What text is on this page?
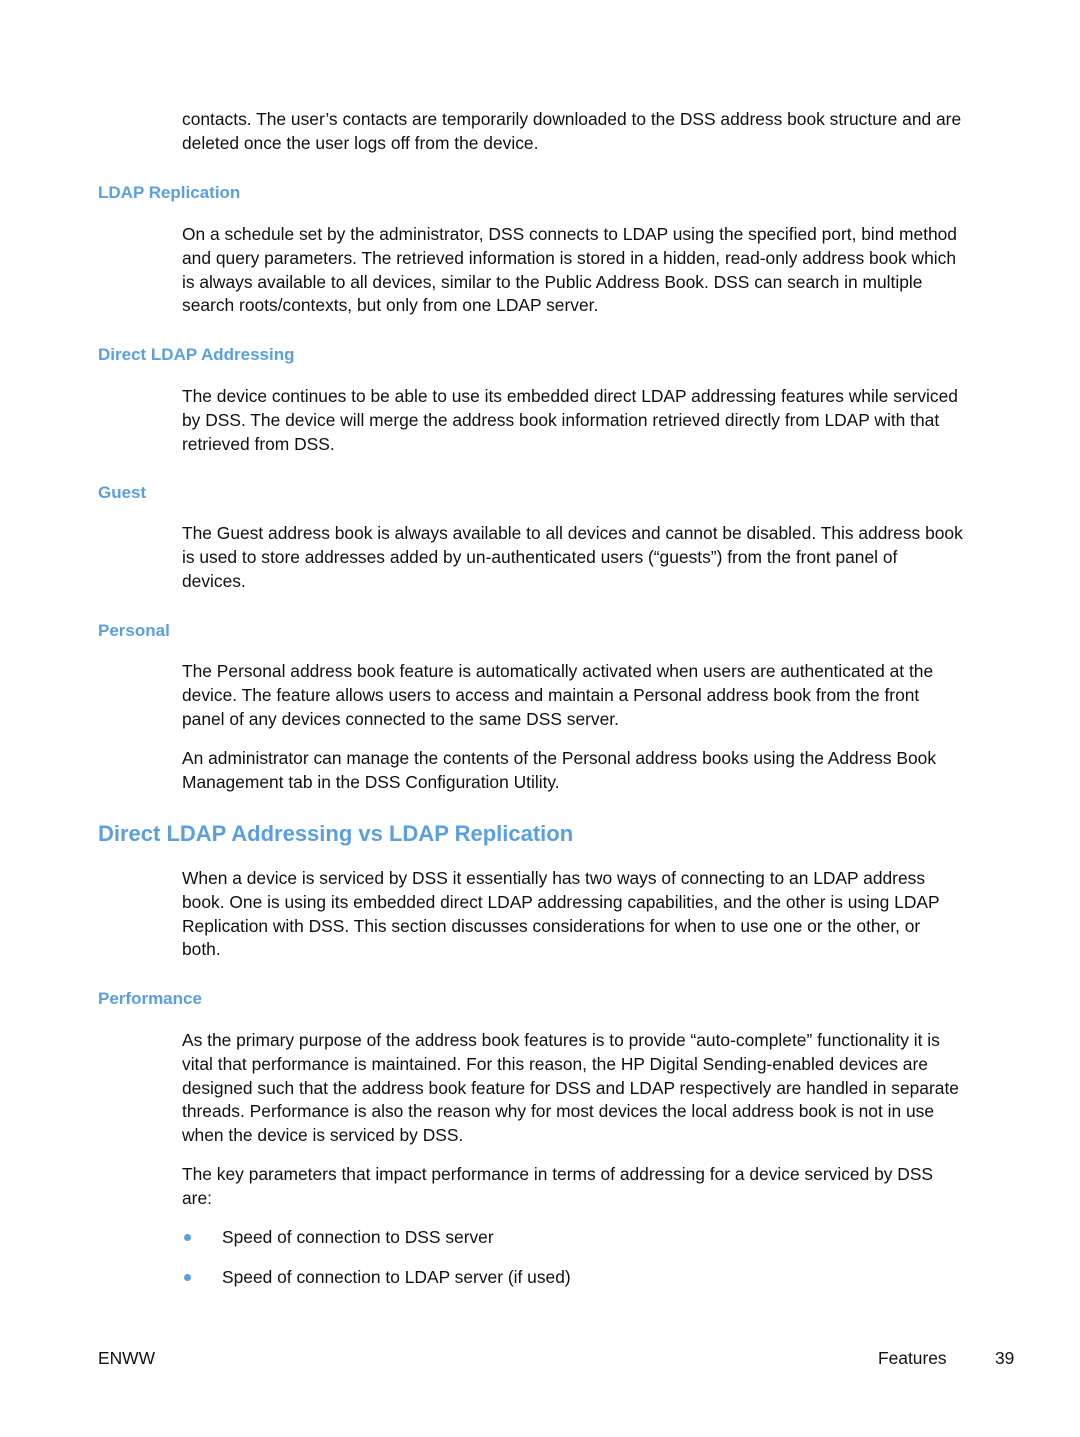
contacts. The user’s contacts are temporarily downloaded to the DSS address book structure and are
deleted once the user logs off from the device.
LDAP Replication
On a schedule set by the administrator, DSS connects to LDAP using the specified port, bind method
and query parameters. The retrieved information is stored in a hidden, read-only address book which
is always available to all devices, similar to the Public Address Book. DSS can search in multiple
search roots/contexts, but only from one LDAP server.
Direct LDAP Addressing
The device continues to be able to use its embedded direct LDAP addressing features while serviced
by DSS. The device will merge the address book information retrieved directly from LDAP with that
retrieved from DSS.
Guest
The Guest address book is always available to all devices and cannot be disabled. This address book
is used to store addresses added by un-authenticated users (“guests”) from the front panel of
devices.
Personal
The Personal address book feature is automatically activated when users are authenticated at the
device. The feature allows users to access and maintain a Personal address book from the front
panel of any devices connected to the same DSS server.
An administrator can manage the contents of the Personal address books using the Address Book
Management tab in the DSS Configuration Utility.
Direct LDAP Addressing vs LDAP Replication
When a device is serviced by DSS it essentially has two ways of connecting to an LDAP address
book. One is using its embedded direct LDAP addressing capabilities, and the other is using LDAP
Replication with DSS. This section discusses considerations for when to use one or the other, or
both.
Performance
As the primary purpose of the address book features is to provide “auto-complete” functionality it is
vital that performance is maintained. For this reason, the HP Digital Sending-enabled devices are
designed such that the address book feature for DSS and LDAP respectively are handled in separate
threads. Performance is also the reason why for most devices the local address book is not in use
when the device is serviced by DSS.
The key parameters that impact performance in terms of addressing for a device serviced by DSS
are:
Speed of connection to DSS server
Speed of connection to LDAP server (if used)
ENWW	Features	39
